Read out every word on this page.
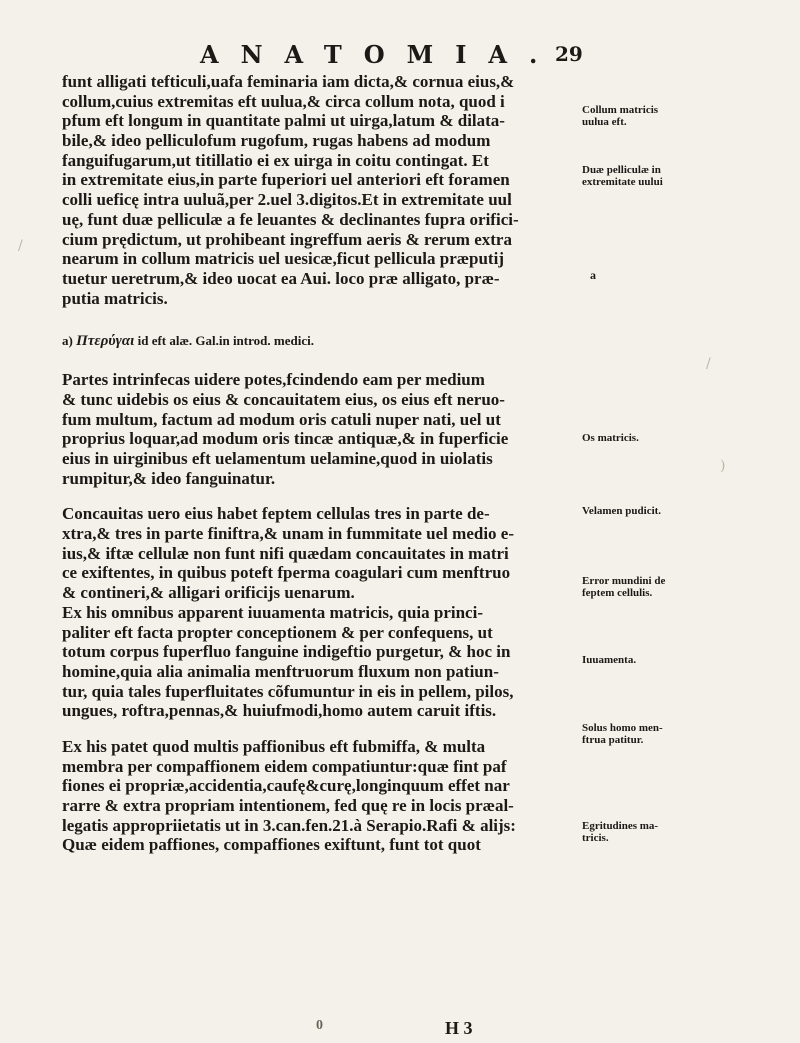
ANATOMIA.
29
funt alligati tefticuli,uafa feminaria iam dicta,& cornua eius,&
collum,cuius extremitas eft uulua,& circa collum nota, quod i
pfum eft longum in quantitate palmi ut uirga,latum & dilata-
bile,& ideo pelliculofum rugofum, rugas habens ad modum
fanguifugarum,ut titillatio ei ex uirga in coitu contingat. Et
in extremitate eius,in parte fuperiori uel anteriori eft foramen
colli ueficę intra uuluã,per 2.uel 3.digitos.Et in extremitate uul
uę, funt duæ pelliculæ a fe leuantes & declinantes fupra orifici-
cium prędictum, ut prohibeant ingreffum aeris & rerum extra
nearum in collum matricis uel uesicæ,ficut pellicula præputij
tuetur ueretrum,& ideo uocat ea Aui. loco præ alligato, præ-
putia matricis.
a) Πτερύγαι id eft alæ. Gal.in introd. medici.
Partes intrinfecas uidere potes,fcindendo eam per medium
& tunc uidebis os eius & concauitatem eius, os eius eft neruo-
fum multum, factum ad modum oris catuli nuper nati, uel ut
proprius loquar,ad modum oris tincæ antiquæ,& in fuperficie
eius in uirginibus eft uelamentum uelamine,quod in uiolatis
rumpitur,& ideo fanguinatur.
Concauitas uero eius habet feptem cellulas tres in parte de-
xtra,& tres in parte finiftra,& unam in fummitate uel medio e-
ius,& iftæ cellulæ non funt nifi quædam concauitates in matri
ce exiftentes, in quibus poteft fperma coagulari cum menftruo
& contineri,& alligari orificijs uenarum.
Ex his omnibus apparent iuuamenta matricis, quia princi-
paliter eft facta propter conceptionem & per confequens, ut
totum corpus fuperfluo fanguine indigeftio purgetur, & hoc in
homine,quia alia animalia menftruorum fluxum non patiun-
tur, quia tales fuperfluitates cõfumuntur in eis in pellem, pilos,
ungues, roftra,pennas,& huiufmodi,homo autem caruit iftis.
Ex his patet quod multis paffionibus eft fubmiffa, & multa
membra per compaffionem eidem compatiuntur:quæ fint paf
fiones ei propriæ,accidentia,caufę&curę,longinquum effet nar
rarre & extra propriam intentionem, fed quę re in locis præal-
legatis appropriietatis ut in 3.can.fen.21.à Serapio.Rafi & alijs:
Quæ eidem paffiones, compaffiones exiftunt, funt tot quot
Collum matricis
uulua eft.
Duæ pelliculæ in
extremitate uului
a
Os matricis.
Velamen pudicit.
Error mundini de
feptem cellulis.
Iuuamenta.
Solus homo men-
ftrua patitur.
Egritudines ma-
tricis.
/
/
)
0	H 3
